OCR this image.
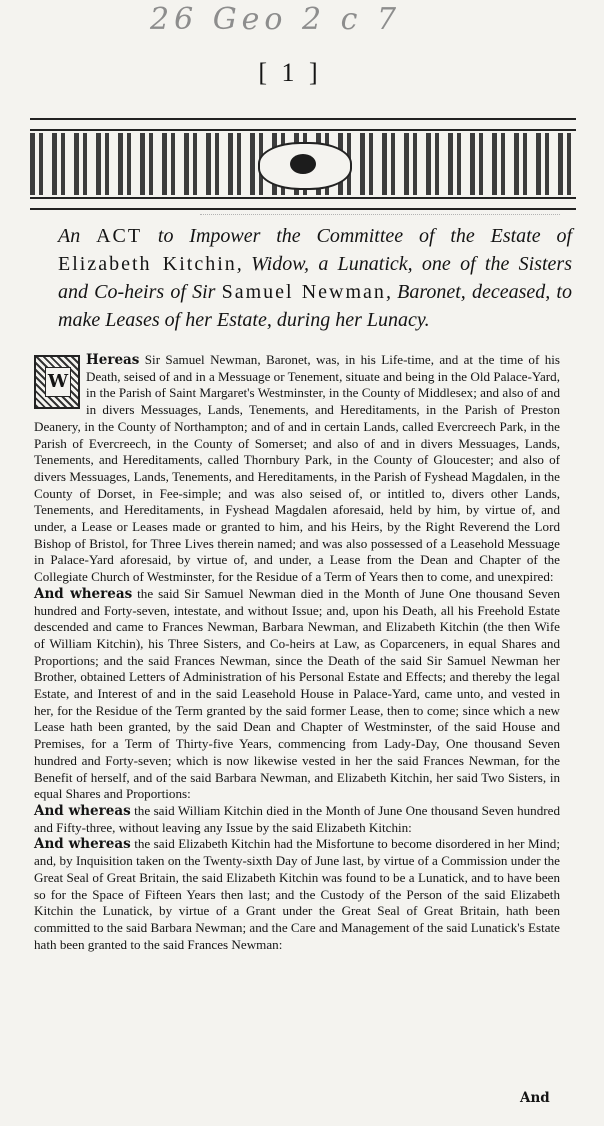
26 Geo 2 c 7
[ 1 ]
An ACT to Impower the Committee of the Estate of Elizabeth Kitchin, Widow, a Lunatick, one of the Sisters and Co-heirs of Sir Samuel Newman, Baronet, deceased, to make Leases of her Estate, during her Lunacy.

W
Hereas Sir Samuel Newman, Baronet, was, in his Life-time, and at the time of his Death, seised of and in a Messuage or Tenement, situate and being in the Old Palace-Yard, in the Parish of Saint Margaret's Westminster, in the County of Middlesex; and also of and in divers Messuages, Lands, Tenements, and Hereditaments, in the Parish of Preston Deanery, in the County of Northampton; and of and in certain Lands, called Evercreech Park, in the Parish of Evercreech, in the County of Somerset; and also of and in divers Messuages, Lands, Tenements, and Hereditaments, called Thornbury Park, in the County of Gloucester; and also of divers Messuages, Lands, Tenements, and Hereditaments, in the Parish of Fyshead Magdalen, in the County of Dorset, in Fee-simple; and was also seised of, or intitled to, divers other Lands, Tenements, and Hereditaments, in Fyshead Magdalen aforesaid, held by him, by virtue of, and under, a Lease or Leases made or granted to him, and his Heirs, by the Right Reverend the Lord Bishop of Bristol, for Three Lives therein named; and was also possessed of a Leasehold Messuage in Palace-Yard aforesaid, by virtue of, and under, a Lease from the Dean and Chapter of the Collegiate Church of Westminster, for the Residue of a Term of Years then to come, and unexpired:

And whereas the said Sir Samuel Newman died in the Month of June One thousand Seven hundred and Forty-seven, intestate, and without Issue; and, upon his Death, all his Freehold Estate descended and came to Frances Newman, Barbara Newman, and Elizabeth Kitchin (the then Wife of William Kitchin), his Three Sisters, and Co-heirs at Law, as Coparceners, in equal Shares and Proportions; and the said Frances Newman, since the Death of the said Sir Samuel Newman her Brother, obtained Letters of Administration of his Personal Estate and Effects; and thereby the legal Estate, and Interest of and in the said Leasehold House in Palace-Yard, came unto, and vested in her, for the Residue of the Term granted by the said former Lease, then to come; since which a new Lease hath been granted, by the said Dean and Chapter of Westminster, of the said House and Premises, for a Term of Thirty-five Years, commencing from Lady-Day, One thousand Seven hundred and Forty-seven; which is now likewise vested in her the said Frances Newman, for the Benefit of herself, and of the said Barbara Newman, and Elizabeth Kitchin, her said Two Sisters, in equal Shares and Proportions:

And whereas the said William Kitchin died in the Month of June One thousand Seven hundred and Fifty-three, without leaving any Issue by the said Elizabeth Kitchin:

And whereas the said Elizabeth Kitchin had the Misfortune to become disordered in her Mind; and, by Inquisition taken on the Twenty-sixth Day of June last, by virtue of a Commission under the Great Seal of Great Britain, the said Elizabeth Kitchin was found to be a Lunatick, and to have been so for the Space of Fifteen Years then last; and the Custody of the Person of the said Elizabeth Kitchin the Lunatick, by virtue of a Grant under the Great Seal of Great Britain, hath been committed to the said Barbara Newman; and the Care and Management of the said Lunatick's Estate hath been granted to the said Frances Newman:

And
